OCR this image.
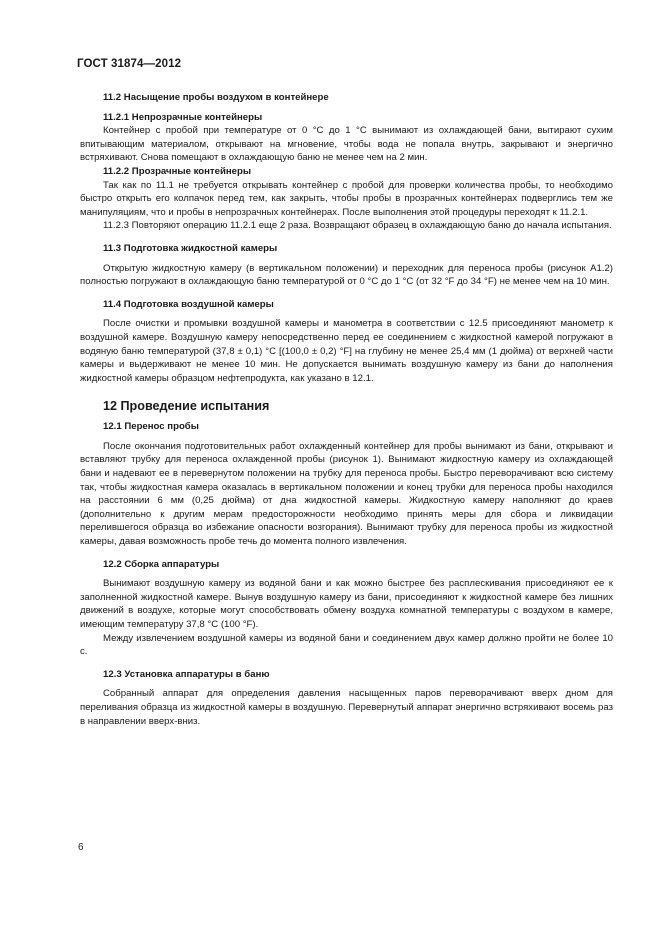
ГОСТ 31874—2012
11.2 Насыщение пробы воздухом в контейнере
11.2.1 Непрозрачные контейнеры

Контейнер с пробой при температуре от 0 °C до 1 °C вынимают из охлаждающей бани, вытирают сухим впитывающим материалом, открывают на мгновение, чтобы вода не попала внутрь, закрывают и энергично встряхивают. Снова помещают в охлаждающую баню не менее чем на 2 мин.

11.2.2 Прозрачные контейнеры

Так как по 11.1 не требуется открывать контейнер с пробой для проверки количества пробы, то необходимо быстро открыть его колпачок перед тем, как закрыть, чтобы пробы в прозрачных контейнерах подверглись тем же манипуляциям, что и пробы в непрозрачных контейнерах. После выполнения этой процедуры переходят к 11.2.1.

11.2.3 Повторяют операцию 11.2.1 еще 2 раза. Возвращают образец в охлаждающую баню до начала испытания.

11.3 Подготовка жидкостной камеры

Открытую жидкостную камеру (в вертикальном положении) и переходник для переноса пробы (рисунок А1.2) полностью погружают в охлаждающую баню температурой от 0 °C до 1 °C (от 32 °F до 34 °F) не менее чем на 10 мин.

11.4 Подготовка воздушной камеры

После очистки и промывки воздушной камеры и манометра в соответствии с 12.5 присоединяют манометр к воздушной камере. Воздушную камеру непосредственно перед ее соединением с жидкостной камерой погружают в водяную баню температурой (37,8 ± 0,1) °C [(100,0 ± 0,2) °F] на глубину не менее 25,4 мм (1 дюйма) от верхней части камеры и выдерживают не менее 10 мин. Не допускается вынимать воздушную камеру из бани до наполнения жидкостной камеры образцом нефтепродукта, как указано в 12.1.

12 Проведение испытания
12.1 Перенос пробы

После окончания подготовительных работ охлажденный контейнер для пробы вынимают из бани, открывают и вставляют трубку для переноса охлажденной пробы (рисунок 1). Вынимают жидкостную камеру из охлаждающей бани и надевают ее в перевернутом положении на трубку для переноса пробы. Быстро переворачивают всю систему так, чтобы жидкостная камера оказалась в вертикальном положении и конец трубки для переноса пробы находился на расстоянии 6 мм (0,25 дюйма) от дна жидкостной камеры. Жидкостную камеру наполняют до краев (дополнительно к другим мерам предосторожности необходимо принять меры для сбора и ликвидации перелившегося образца во избежание опасности возгорания). Вынимают трубку для переноса пробы из жидкостной камеры, давая возможность пробе течь до момента полного извлечения.

12.2 Сборка аппаратуры

Вынимают воздушную камеру из водяной бани и как можно быстрее без расплескивания присоединяют ее к заполненной жидкостной камере. Вынув воздушную камеру из бани, присоединяют к жидкостной камере без лишних движений в воздухе, которые могут способствовать обмену воздуха комнатной температуры с воздухом в камере, имеющим температуру 37,8 °C (100 °F).

Между извлечением воздушной камеры из водяной бани и соединением двух камер должно пройти не более 10 с.

12.3 Установка аппаратуры в баню

Собранный аппарат для определения давления насыщенных паров переворачивают вверх дном для переливания образца из жидкостной камеры в воздушную. Перевернутый аппарат энергично встряхивают восемь раз в направлении вверх-вниз.

6
